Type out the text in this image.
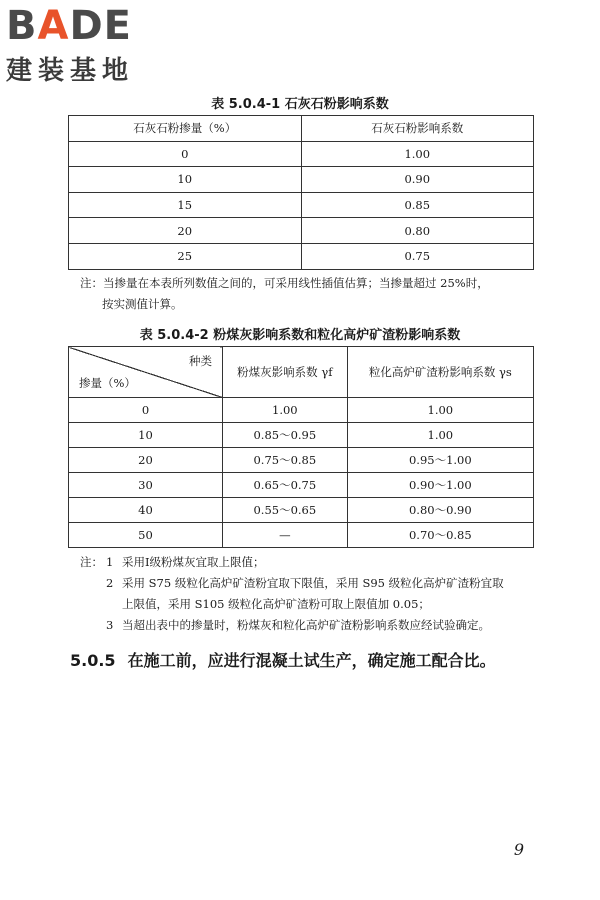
BADE
建装基地
表 5.0.4-1 石灰石粉影响系数
石灰石粉掺量（%）	石灰石粉影响系数
0	1.00
10	0.90
15	0.85
20	0.80
25	0.75
注：当掺量在本表所列数值之间的，可采用线性插值估算；当掺量超过 25%时，
按实测值计算。
表 5.0.4-2 粉煤灰影响系数和粒化高炉矿渣粉影响系数
种类
掺量（%）	粉煤灰影响系数 γf	粒化高炉矿渣粉影响系数 γs
0	1.00	1.00
10	0.85～0.95	1.00
20	0.75～0.85	0.95～1.00
30	0.65～0.75	0.90～1.00
40	0.55～0.65	0.80～0.90
50	—	0.70～0.85
注： 1 采用Ⅰ级粉煤灰宜取上限值；
2 采用 S75 级粒化高炉矿渣粉宜取下限值，采用 S95 级粒化高炉矿渣粉宜取
上限值，采用 S105 级粒化高炉矿渣粉可取上限值加 0.05；
3 当超出表中的掺量时，粉煤灰和粒化高炉矿渣粉影响系数应经试验确定。
5.0.5 在施工前，应进行混凝土试生产，确定施工配合比。
9
